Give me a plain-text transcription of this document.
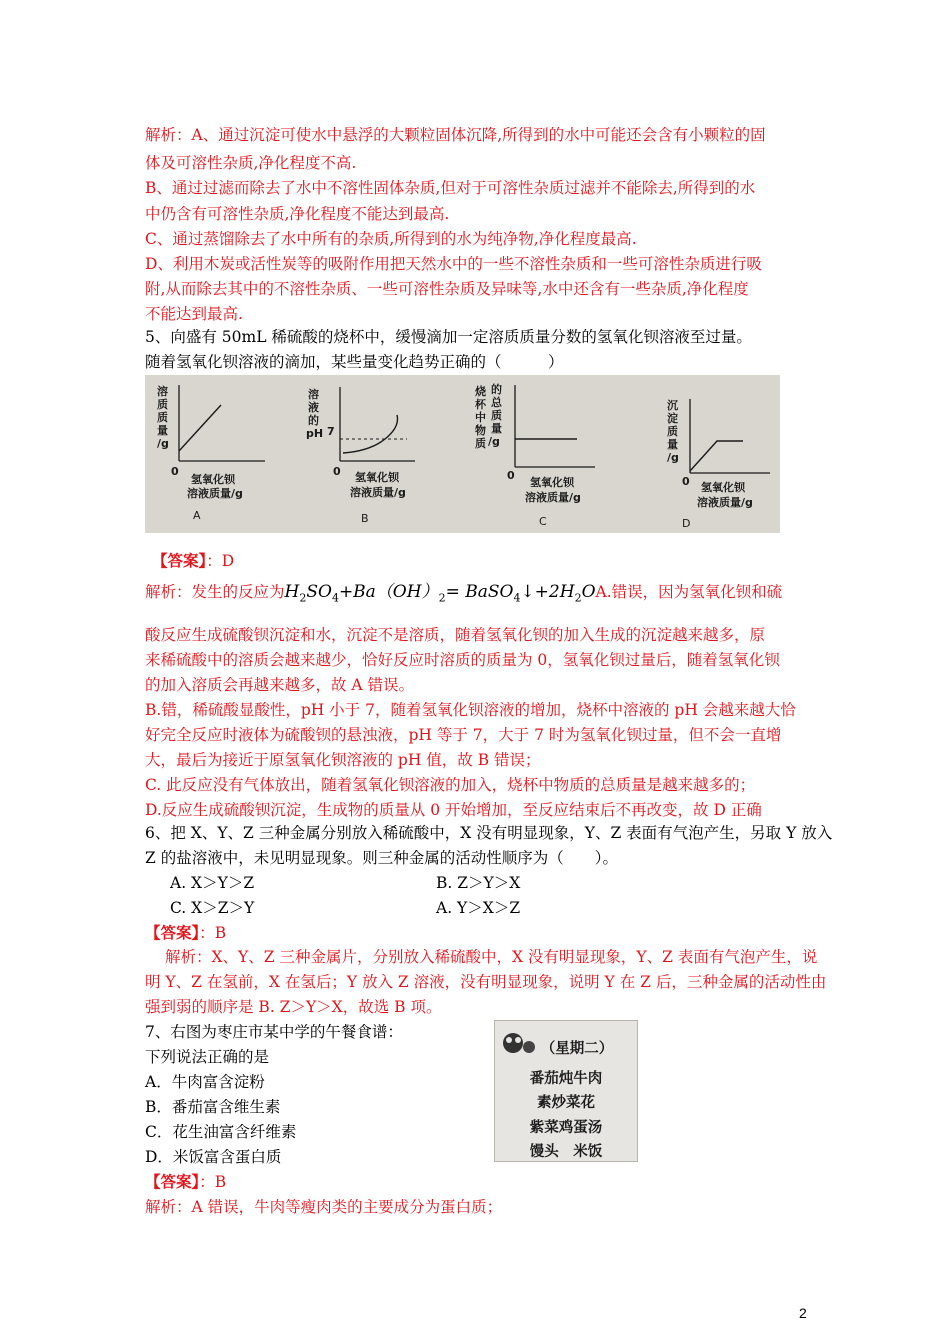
解析：A、通过沉淀可使水中悬浮的大颗粒固体沉降,所得到的水中可能还会含有小颗粒的固
体及可溶性杂质,净化程度不高.
B、通过过滤而除去了水中不溶性固体杂质,但对于可溶性杂质过滤并不能除去,所得到的水
中仍含有可溶性杂质,净化程度不能达到最高.
C、通过蒸馏除去了水中所有的杂质,所得到的水为纯净物,净化程度最高.
D、利用木炭或活性炭等的吸附作用把天然水中的一些不溶性杂质和一些可溶性杂质进行吸
附,从而除去其中的不溶性杂质、一些可溶性杂质及异味等,水中还含有一些杂质,净化程度
不能达到最高.
5、向盛有 50mL 稀硫酸的烧杯中，缓慢滴加一定溶质质量分数的氢氧化钡溶液至过量。
随着氢氧化钡溶液的滴加，某些量变化趋势正确的（　　　）
溶
质
质
量
/g
0
氢氧化钡
溶液质量/g
A
溶
液
的
pH 7
0 氢氧化钡
溶液质量/g
B
烧
杯
中
物
质
的
总
质
量
/g
0
氢氧化钡
溶液质量/g
C
沉
淀
质
量
/g
0 氢氧化钡
溶液质量/g
D
【答案】：D
解析：发生的反应为$H_2SO_4+Ba(OH)_2=$ $BaSO_4↓+2H_2OA$.错误，因为氢氧化钡和硫
酸反应生成硫酸钡沉淀和水，沉淀不是溶质，随着氢氧化钡的加入生成的沉淀越来越多，原
来稀硫酸中的溶质会越来越少，恰好反应时溶质的质量为 0，氢氧化钡过量后，随着氢氧化钡
的加入溶质会再越来越多，故 A 错误。
B.错，稀硫酸显酸性，pH 小于 7，随着氢氧化钡溶液的增加，烧杯中溶液的 pH 会越来越大恰
好完全反应时液体为硫酸钡的悬浊液，pH 等于 7，大于 7 时为氢氧化钡过量，但不会一直增
大，最后为接近于原氢氧化钡溶液的 pH 值，故 B 错误；
C. 此反应没有气体放出，随着氢氧化钡溶液的加入，烧杯中物质的总质量是越来越多的；
D.反应生成硫酸钡沉淀，生成物的质量从 0 开始增加，至反应结束后不再改变，故 D 正确
6、把 X、Y、Z 三种金属分别放入稀硫酸中，X 没有明显现象，Y、Z 表面有气泡产生，另取 Y 放入
Z 的盐溶液中，未见明显现象。则三种金属的活动性顺序为（　　）。
A. X＞Y＞Z	B. Z＞Y＞X
C. X＞Z＞Y	A. Y＞X＞Z
【答案】：B
解析：X、Y、Z 三种金属片，分别放入稀硫酸中，X 没有明显现象，Y、Z 表面有气泡产生，说
明 Y、Z 在氢前，X 在氢后；Y 放入 Z 溶液，没有明显现象，说明 Y 在 Z 后，三种金属的活动性由
强到弱的顺序是 B. Z＞Y＞X，故选 B 项。
7、右图为枣庄市某中学的午餐食谱：
下列说法正确的是
A．牛肉富含淀粉
B．番茄富含维生素
C．花生油富含纤维素
D．米饭富含蛋白质
【答案】：B
解析：A 错误，牛肉等瘦肉类的主要成分为蛋白质；
（星期二）
番茄炖牛肉
素炒菜花
紫菜鸡蛋汤
馒头　米饭
2
